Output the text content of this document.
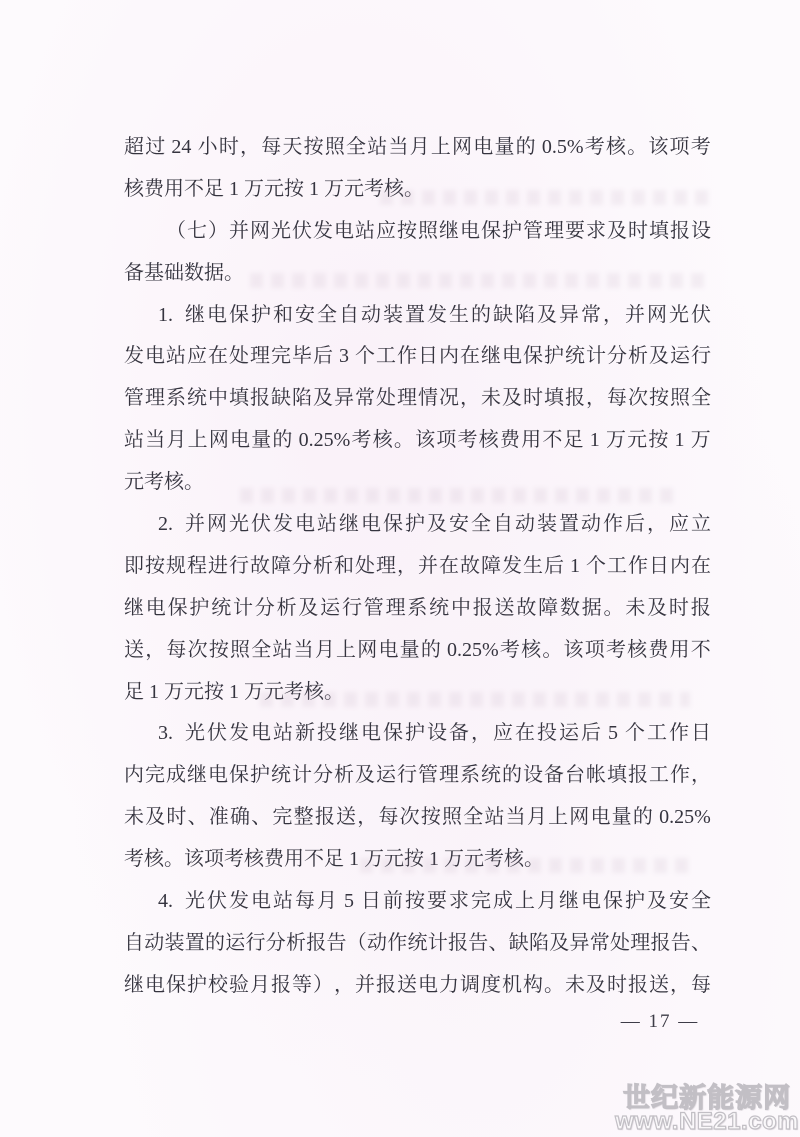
超 过 24 小 时 ， 每 天 按 照 全 站 当 月 上 网 电 量 的 0.5% 考 核 。 该 项 考
核费用不足 1 万元按 1 万元考核。
（ 七 ） 并 网 光 伏 发 电 站 应 按 照 继 电 保 护 管 理 要 求 及 时 填 报 设
备基础数据。
1. 继 电 保 护 和 安 全 自 动 装 置 发 生 的 缺 陷 及 异 常 ， 并 网 光 伏
发 电 站 应 在 处 理 完 毕 后 3 个 工 作 日 内 在 继 电 保 护 统 计 分 析 及 运 行
管 理 系 统 中 填 报 缺 陷 及 异 常 处 理 情 况 ， 未 及 时 填 报 ， 每 次 按 照 全
站 当 月 上 网 电 量 的 0.25% 考 核 。 该 项 考 核 费 用 不 足 1 万 元 按 1 万
元考核。
2. 并 网 光 伏 发 电 站 继 电 保 护 及 安 全 自 动 装 置 动 作 后 ， 应 立
即 按 规 程 进 行 故 障 分 析 和 处 理 ， 并 在 故 障 发 生 后 1 个 工 作 日 内 在
继 电 保 护 统 计 分 析 及 运 行 管 理 系 统 中 报 送 故 障 数 据 。 未 及 时 报
送 ， 每 次 按 照 全 站 当 月 上 网 电 量 的 0.25% 考 核 。 该 项 考 核 费 用 不
足 1 万元按 1 万元考核。
3. 光 伏 发 电 站 新 投 继 电 保 护 设 备 ， 应 在 投 运 后 5 个 工 作 日
内 完 成 继 电 保 护 统 计 分 析 及 运 行 管 理 系 统 的 设 备 台 帐 填 报 工 作 ，
未 及 时 、 准 确 、 完 整 报 送 ， 每 次 按 照 全 站 当 月 上 网 电 量 的 0.25%
考核。该项考核费用不足 1 万元按 1 万元考核。
4. 光 伏 发 电 站 每 月 5 日 前 按 要 求 完 成 上 月 继 电 保 护 及 安 全
自 动 装 置 的 运 行 分 析 报 告 （ 动 作 统 计 报 告 、 缺 陷 及 异 常 处 理 报 告 、
继 电 保 护 校 验 月 报 等 ） ， 并 报 送 电 力 调 度 机 构 。 未 及 时 报 送 ， 每
— 17 —
世纪新能源网
www.NE21.com
